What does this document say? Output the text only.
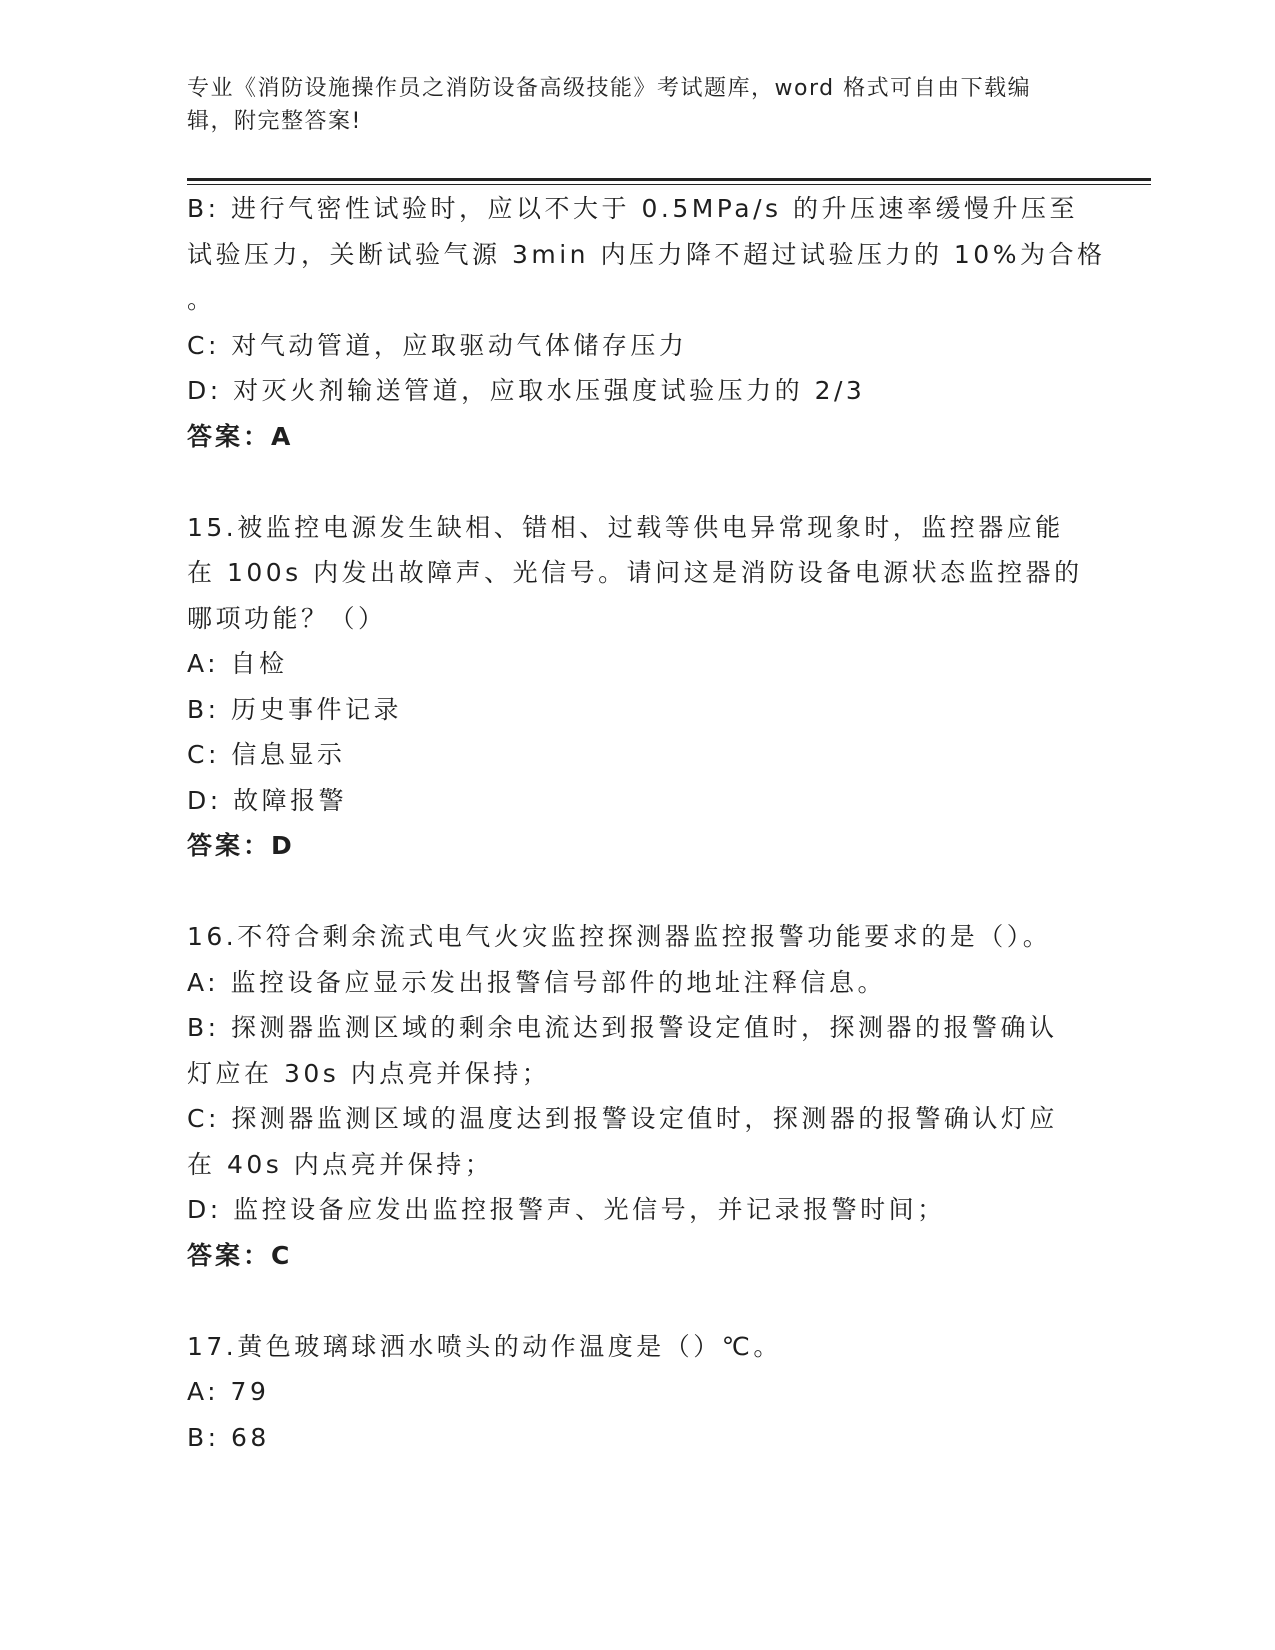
专业《消防设施操作员之消防设备高级技能》考试题库，word 格式可自由下载编
辑，附完整答案!
B: 进行气密性试验时，应以不大于 0.5MPa/s 的升压速率缓慢升压至
试验压力，关断试验气源 3min 内压力降不超过试验压力的 10%为合格
。
C: 对气动管道，应取驱动气体储存压力
D: 对灭火剂输送管道，应取水压强度试验压力的 2/3
答案：A
15.被监控电源发生缺相、错相、过载等供电异常现象时，监控器应能
在 100s 内发出故障声、光信号。请问这是消防设备电源状态监控器的
哪项功能？（）
A: 自检
B: 历史事件记录
C: 信息显示
D: 故障报警
答案：D
16.不符合剩余流式电气火灾监控探测器监控报警功能要求的是（）。
A: 监控设备应显示发出报警信号部件的地址注释信息。
B: 探测器监测区域的剩余电流达到报警设定值时，探测器的报警确认
灯应在 30s 内点亮并保持；
C: 探测器监测区域的温度达到报警设定值时，探测器的报警确认灯应
在 40s 内点亮并保持；
D: 监控设备应发出监控报警声、光信号，并记录报警时间；
答案：C
17.黄色玻璃球洒水喷头的动作温度是（）℃。
A: 79
B: 68
